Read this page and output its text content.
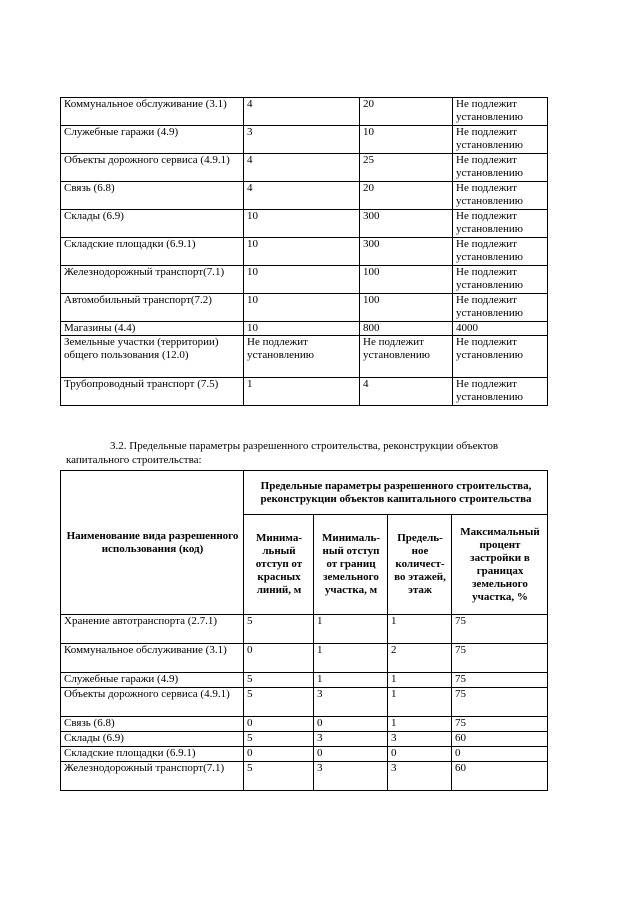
Коммунальное обслуживание (3.1)	4	20	Не подлежит установлению
Служебные гаражи (4.9)	3	10	Не подлежит установлению
Объекты дорожного сервиса (4.9.1)	4	25	Не подлежит установлению
Связь (6.8)	4	20	Не подлежит установлению
Склады (6.9)	10	300	Не подлежит установлению
Складские площадки (6.9.1)	10	300	Не подлежит установлению
Железнодорожный транспорт(7.1)	10	100	Не подлежит установлению
Автомобильный транспорт(7.2)	10	100	Не подлежит установлению
Магазины (4.4)	10	800	4000
Земельные участки (территории) общего пользования (12.0)	Не подлежит установлению	Не подлежит установлению	Не подлежит установлению
Трубопроводный транспорт (7.5)	1	4	Не подлежит установлению

3.2. Предельные параметры разрешенного строительства, реконструкции объектов капитального строительства:

Наименование вида разрешенного использования (код)	Предельные параметры разрешенного строительства, реконструкции объектов капитального строительства			
	Минима-льный отступ от красных линий, м	Минималь-ный отступ от границ земельного участка, м	Предель-ное количест-во этажей, этаж	Максимальный процент застройки в границах земельного участка, %
Хранение автотранспорта (2.7.1)	5	1	1	75
Коммунальное обслуживание (3.1)	0	1	2	75
Служебные гаражи (4.9)	5	1	1	75
Объекты дорожного сервиса (4.9.1)	5	3	1	75
Связь (6.8)	0	0	1	75
Склады (6.9)	5	3	3	60
Складские площадки (6.9.1)	0	0	0	0
Железнодорожный транспорт(7.1)	5	3	3	60
